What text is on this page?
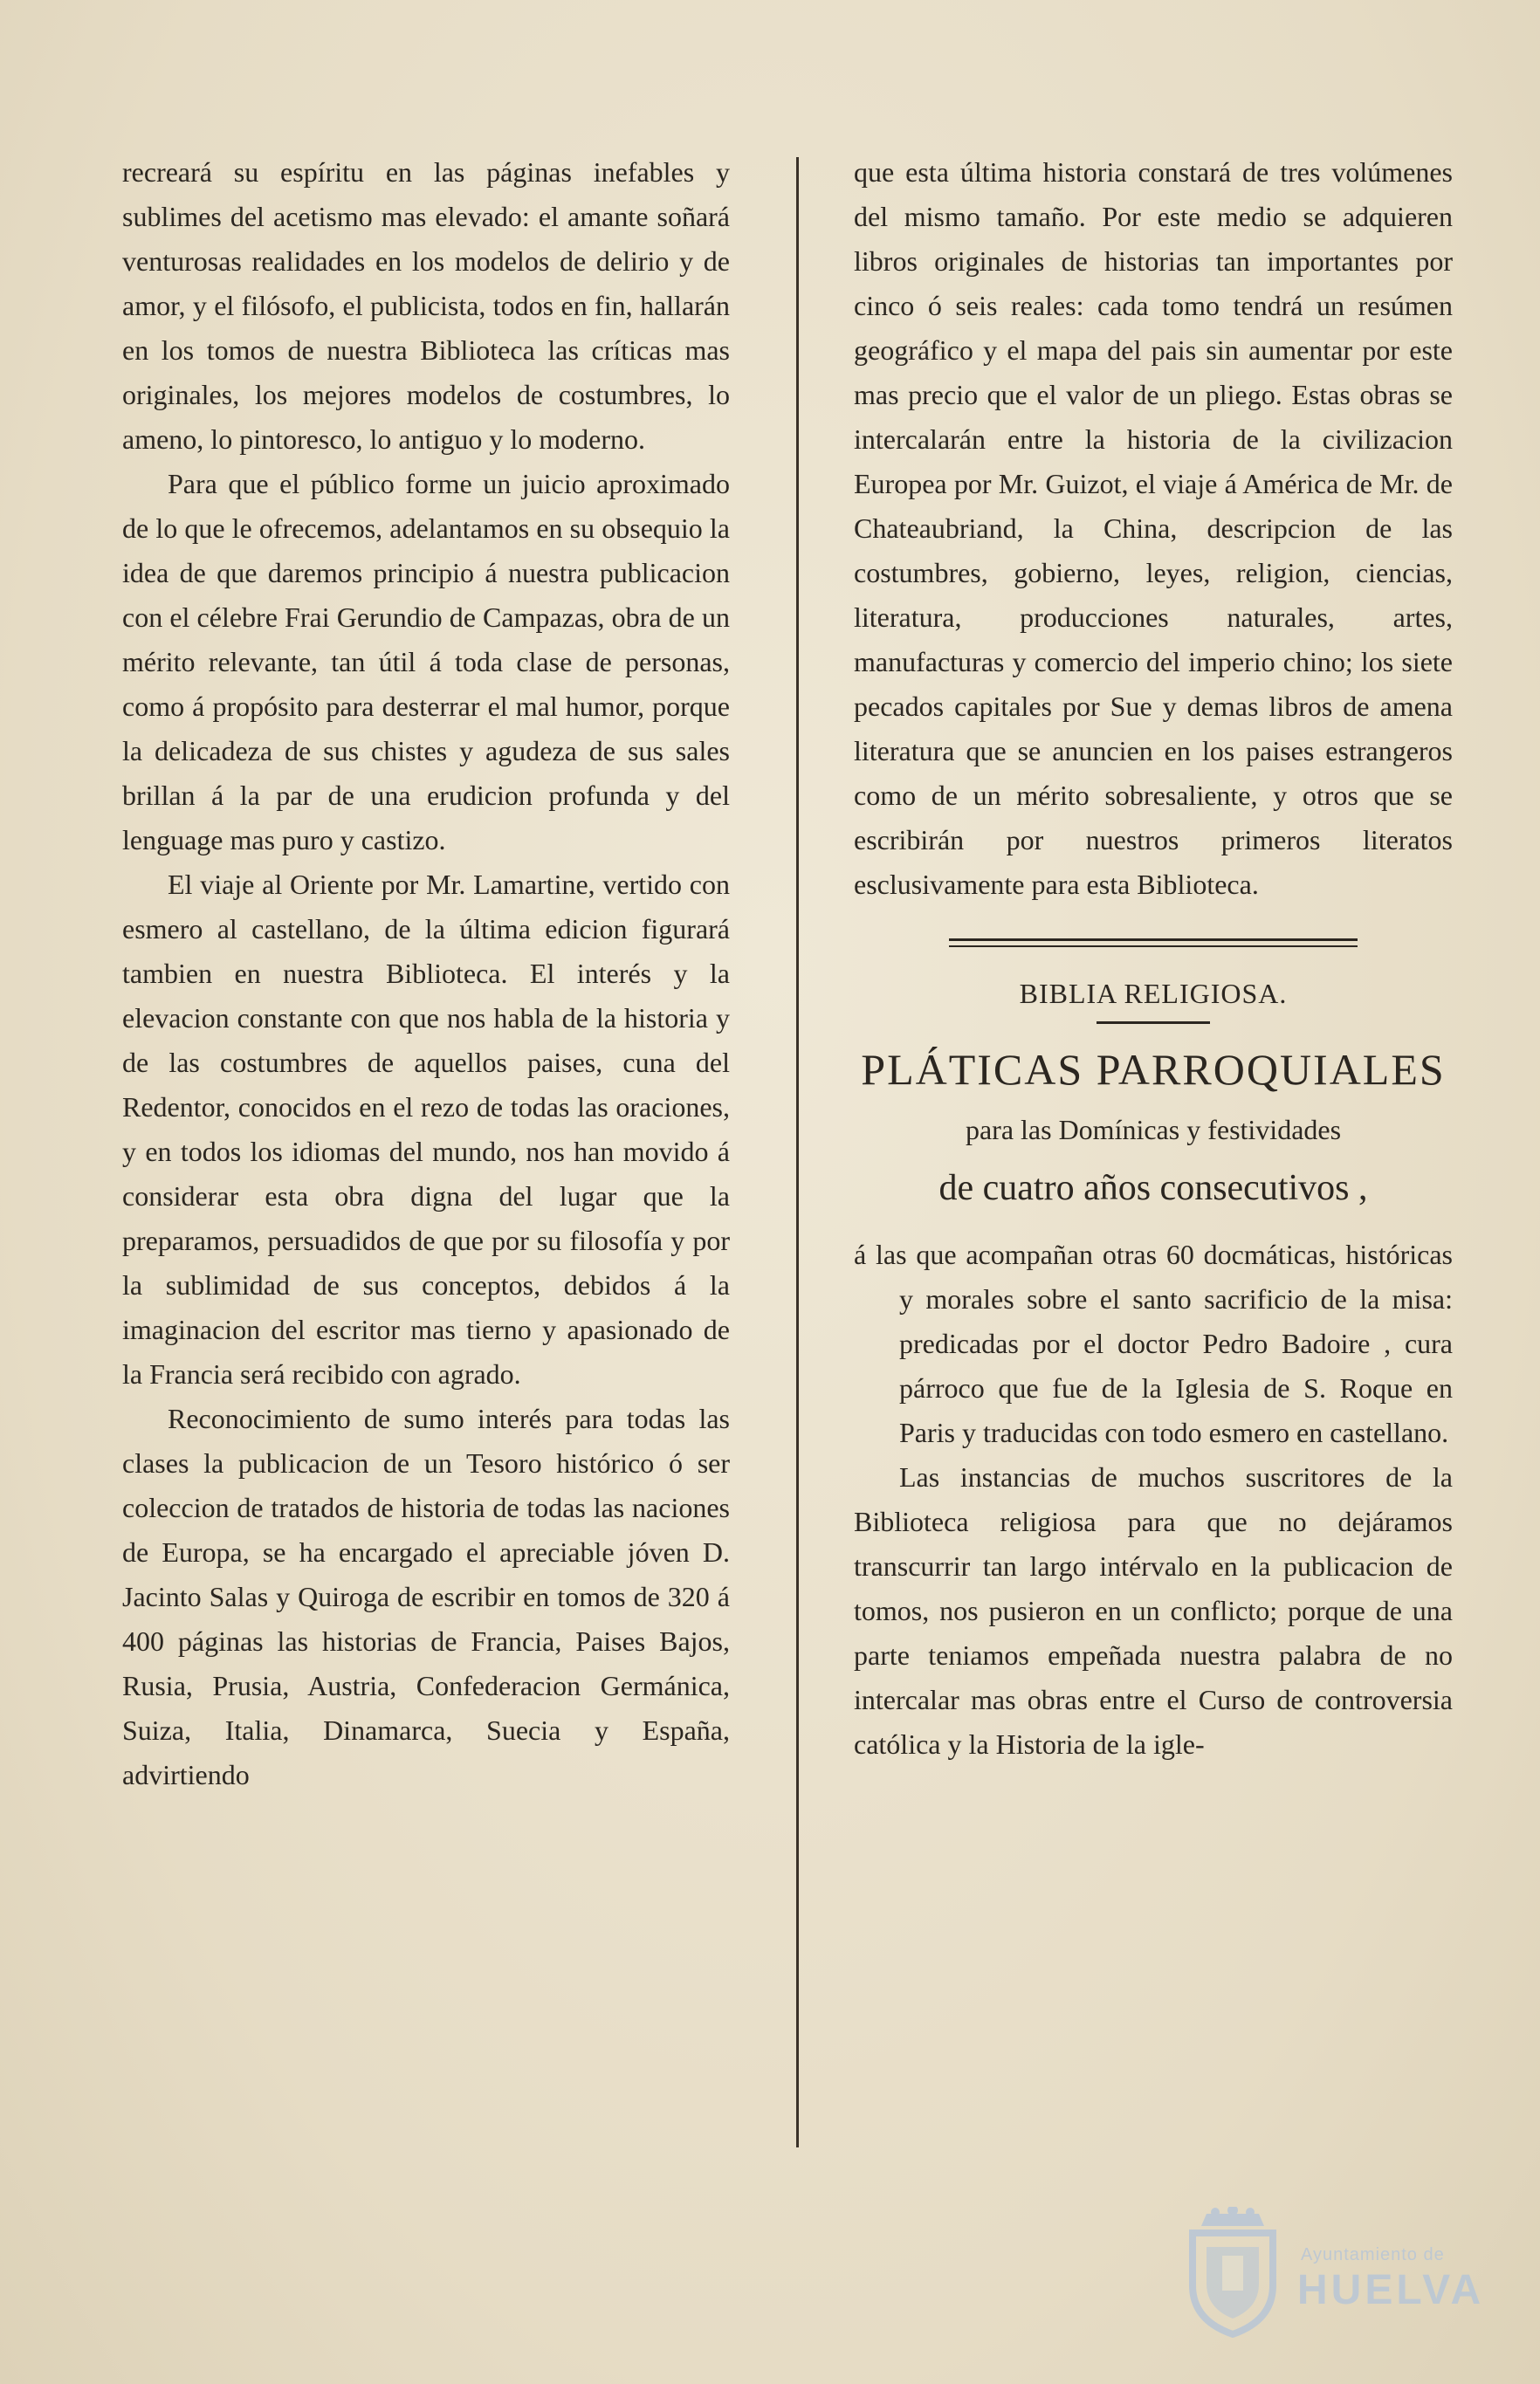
recreará su espíritu en las páginas inefables y sublimes del acetismo mas elevado: el amante soñará venturosas realidades en los modelos de delirio y de amor, y el filósofo, el publicista, todos en fin, hallarán en los tomos de nuestra Biblioteca las críticas mas originales, los mejores modelos de costumbres, lo ameno, lo pintoresco, lo antiguo y lo moderno.

Para que el público forme un juicio aproximado de lo que le ofrecemos, adelantamos en su obsequio la idea de que daremos principio á nuestra publicacion con el célebre Frai Gerundio de Campazas, obra de un mérito relevante, tan útil á toda clase de personas, como á propósito para desterrar el mal humor, porque la delicadeza de sus chistes y agudeza de sus sales brillan á la par de una erudicion profunda y del lenguage mas puro y castizo.

El viaje al Oriente por Mr. Lamartine, vertido con esmero al castellano, de la última edicion figurará tambien en nuestra Biblioteca. El interés y la elevacion constante con que nos habla de la historia y de las costumbres de aquellos paises, cuna del Redentor, conocidos en el rezo de todas las oraciones, y en todos los idiomas del mundo, nos han movido á considerar esta obra digna del lugar que la preparamos, persuadidos de que por su filosofía y por la sublimidad de sus conceptos, debidos á la imaginacion del escritor mas tierno y apasionado de la Francia será recibido con agrado.

Reconocimiento de sumo interés para todas las clases la publicacion de un Tesoro histórico ó ser coleccion de tratados de historia de todas las naciones de Europa, se ha encargado el apreciable jóven D. Jacinto Salas y Quiroga de escribir en tomos de 320 á 400 páginas las historias de Francia, Paises Bajos, Rusia, Prusia, Austria, Confederacion Germánica, Suiza, Italia, Dinamarca, Suecia y España, advirtiendo

que esta última historia constará de tres volúmenes del mismo tamaño. Por este medio se adquieren libros originales de historias tan importantes por cinco ó seis reales: cada tomo tendrá un resúmen geográfico y el mapa del pais sin aumentar por este mas precio que el valor de un pliego. Estas obras se intercalarán entre la historia de la civilizacion Europea por Mr. Guizot, el viaje á América de Mr. de Chateaubriand, la China, descripcion de las costumbres, gobierno, leyes, religion, ciencias, literatura, producciones naturales, artes, manufacturas y comercio del imperio chino; los siete pecados capitales por Sue y demas libros de amena literatura que se anuncien en los paises estrangeros como de un mérito sobresaliente, y otros que se escribirán por nuestros primeros literatos esclusivamente para esta Biblioteca.

BIBLIA RELIGIOSA.
PLÁTICAS PARROQUIALES
para las Domínicas y festividades
de cuatro años consecutivos ,

á las que acompañan otras 60 docmáticas, históricas y morales sobre el santo sacrificio de la misa: predicadas por el doctor Pedro Badoire , cura párroco que fue de la Iglesia de S. Roque en Paris y traducidas con todo esmero en castellano.

Las instancias de muchos suscritores de la Biblioteca religiosa para que no dejáramos transcurrir tan largo intérvalo en la publicacion de tomos, nos pusieron en un conflicto; porque de una parte teniamos empeñada nuestra palabra de no intercalar mas obras entre el Curso de controversia católica y la Historia de la igle-

Ayuntamiento de
HUELVA
